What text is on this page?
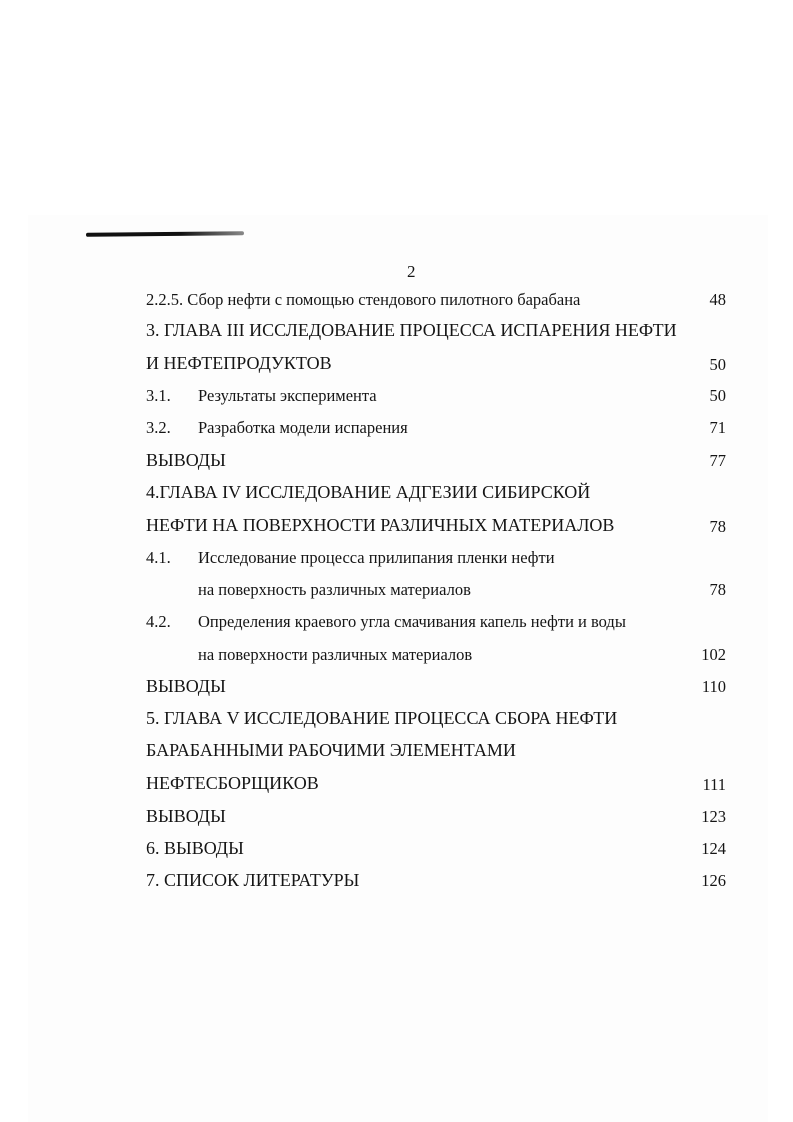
2
2.2.5. Сбор нефти с помощью стендового пилотного барабана	48
3. ГЛАВА III ИССЛЕДОВАНИЕ ПРОЦЕССА ИСПАРЕНИЯ НЕФТИ
И НЕФТЕПРОДУКТОВ	50
3.1. Результаты эксперимента	50
3.2. Разработка модели испарения	71
ВЫВОДЫ	77
4.ГЛАВА IV ИССЛЕДОВАНИЕ АДГЕЗИИ СИБИРСКОЙ
НЕФТИ НА ПОВЕРХНОСТИ РАЗЛИЧНЫХ МАТЕРИАЛОВ	78
4.1. Исследование процесса прилипания пленки нефти
на поверхность различных материалов	78
4.2. Определения краевого угла смачивания капель нефти и воды
на поверхности различных материалов	102
ВЫВОДЫ	110
5. ГЛАВА V ИССЛЕДОВАНИЕ ПРОЦЕССА СБОРА НЕФТИ
БАРАБАННЫМИ РАБОЧИМИ ЭЛЕМЕНТАМИ
НЕФТЕСБОРЩИКОВ	111
ВЫВОДЫ	123
6. ВЫВОДЫ	124
7. СПИСОК ЛИТЕРАТУРЫ	126
